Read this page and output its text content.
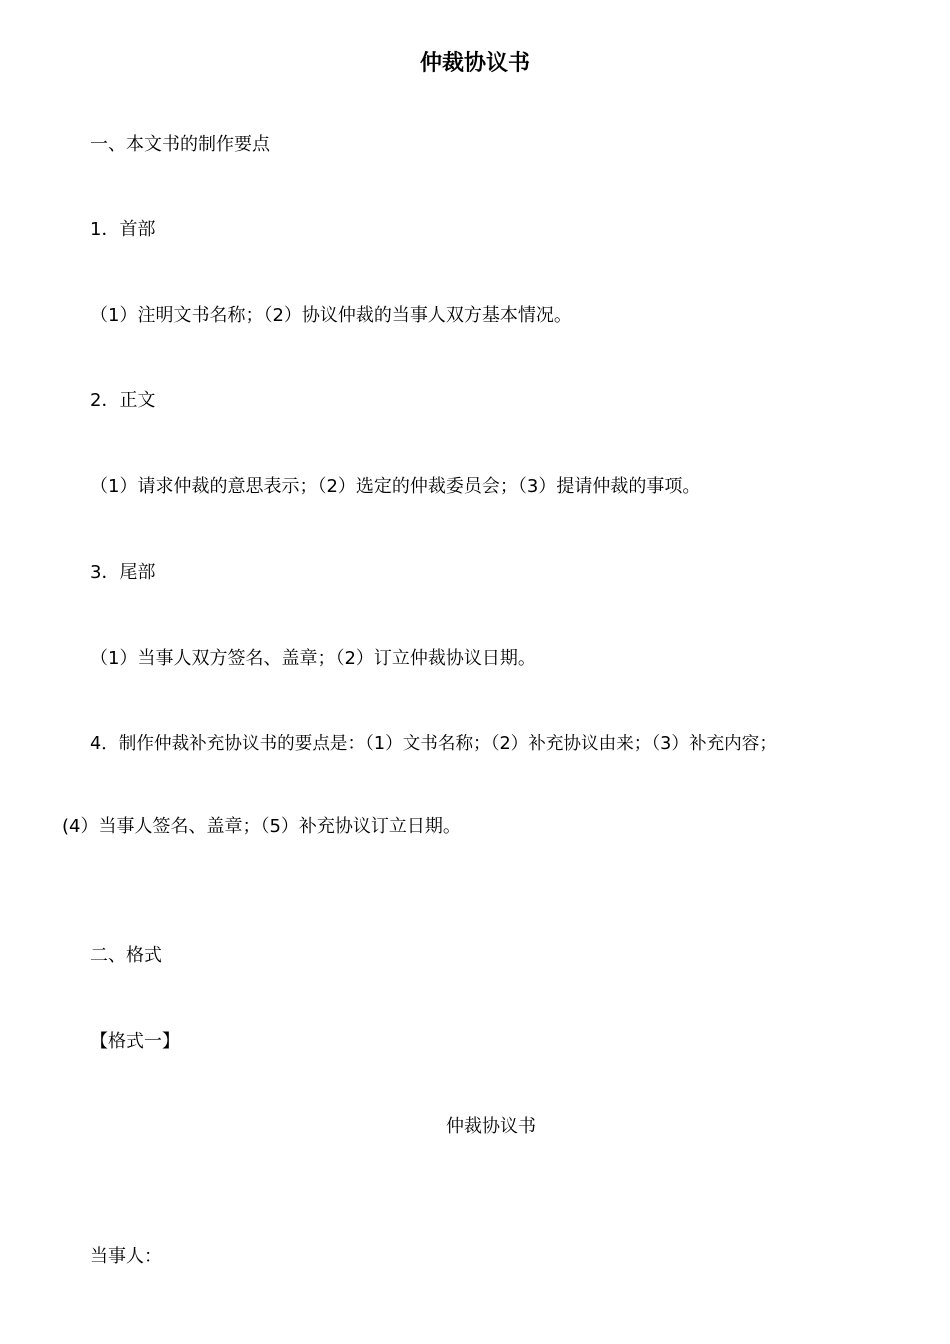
仲裁协议书

一、本文书的制作要点

1．首部

（1）注明文书名称；（2）协议仲裁的当事人双方基本情况。

2．正文

（1）请求仲裁的意思表示；（2）选定的仲裁委员会；（3）提请仲裁的事项。

3．尾部

（1）当事人双方签名、盖章；（2）订立仲裁协议日期。

4．制作仲裁补充协议书的要点是：（1）文书名称；（2）补充协议由来；（3）补充内容；

(4）当事人签名、盖章；（5）补充协议订立日期。

二、格式

【格式一】

仲裁协议书

当事人：
